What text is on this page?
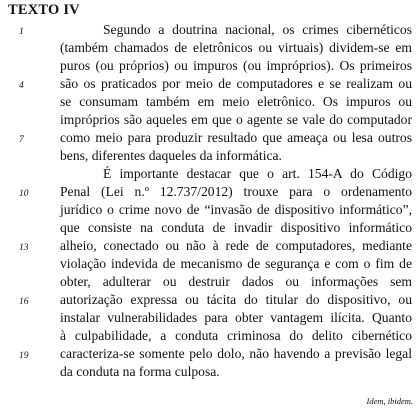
TEXTO IV
1	Segundo a doutrina nacional, os crimes cibernéticos
(também chamados de eletrônicos ou virtuais) dividem-se em
puros (ou próprios) ou impuros (ou impróprios). Os primeiros
4	são os praticados por meio de computadores e se realizam ou
se consumam também em meio eletrônico. Os impuros ou
impróprios são aqueles em que o agente se vale do computador
7	como meio para produzir resultado que ameaça ou lesa outros
bens, diferentes daqueles da informática.
É importante destacar que o art. 154-A do Código
10	Penal (Lei n.º 12.737/2012) trouxe para o ordenamento
jurídico o crime novo de “invasão de dispositivo informático”,
que consiste na conduta de invadir dispositivo informático
13	alheio, conectado ou não à rede de computadores, mediante
violação indevida de mecanismo de segurança e com o fim de
obter, adulterar ou destruir dados ou informações sem
16	autorização expressa ou tácita do titular do dispositivo, ou
instalar vulnerabilidades para obter vantagem ilícita. Quanto
à culpabilidade, a conduta criminosa do delito cibernético
19	caracteriza-se somente pelo dolo, não havendo a previsão legal
da conduta na forma culposa.
Idem, ibidem.
